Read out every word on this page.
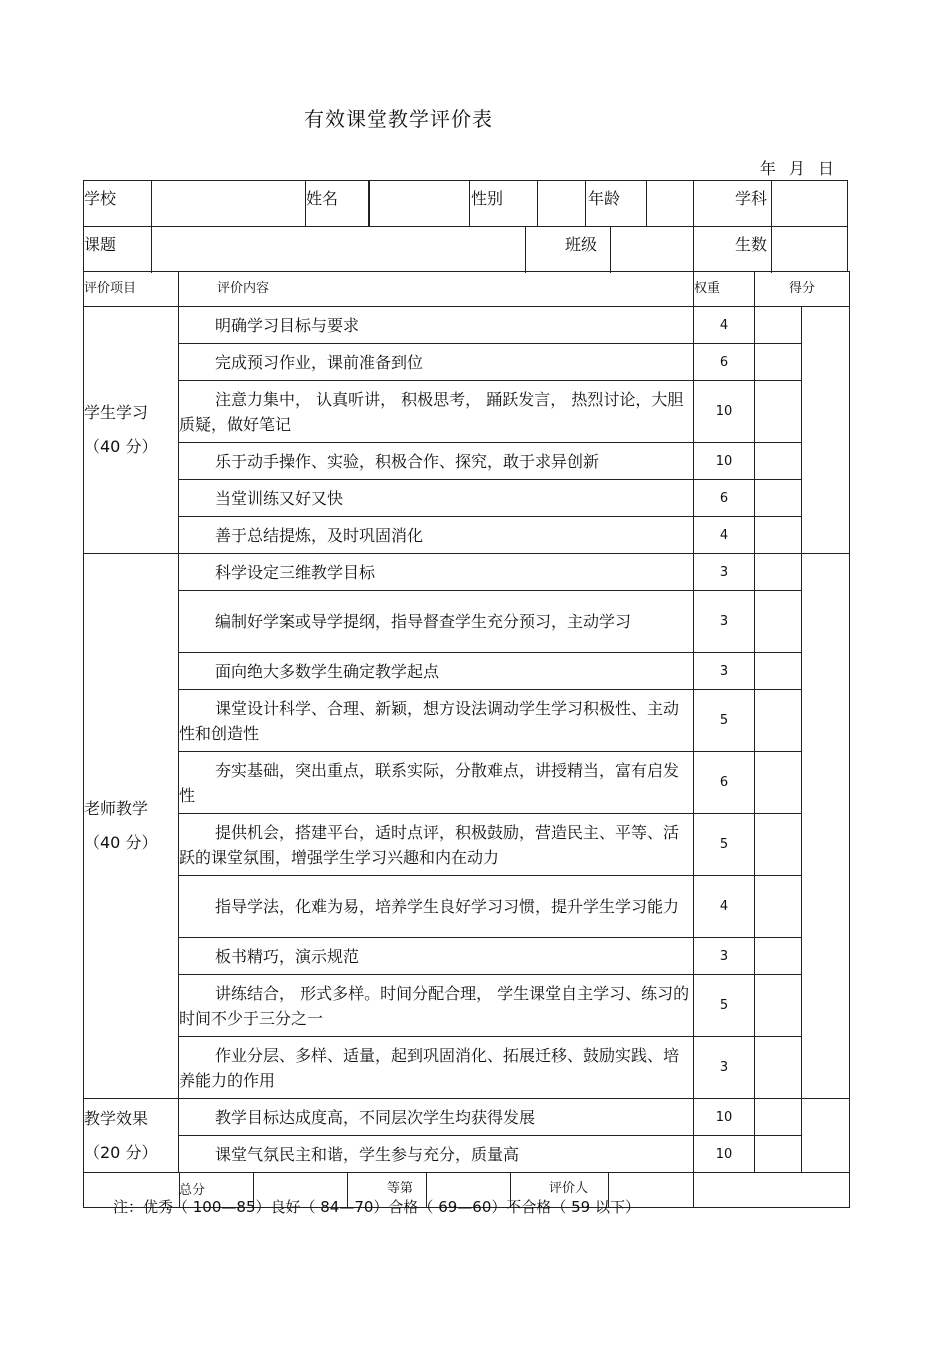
有效课堂教学评价表
年 月 日
学校	姓名	性别	年龄	学科
课题	班级	生数
评价项目	评价内容	权重	得分	

学生学习
（40 分）	明确学习目标与要求	4		
	完成预习作业，课前准备到位	6		
	注意力集中， 认真听讲， 积极思考， 踊跃发言， 热烈讨论，大胆质疑，做好笔记	10		
	乐于动手操作、实验，积极合作、探究，敢于求异创新	10		
	当堂训练又好又快	6		
	善于总结提炼，及时巩固消化	4		

老师教学
（40 分）	科学设定三维教学目标	3		
	编制好学案或导学提纲，指导督查学生充分预习，主动学习	3		
	面向绝大多数学生确定教学起点	3		
	课堂设计科学、合理、新颖，想方设法调动学生学习积极性、主动性和创造性	5		
	夯实基础，突出重点，联系实际，分散难点，讲授精当，富有启发性	6		
	提供机会，搭建平台，适时点评，积极鼓励，营造民主、平等、活跃的课堂氛围，增强学生学习兴趣和内在动力	5		
	指导学法，化难为易，培养学生良好学习习惯，提升学生学习能力	4		
	板书精巧，演示规范	3		
	讲练结合， 形式多样。时间分配合理， 学生课堂自主学习、练习的时间不少于三分之一	5		
	作业分层、多样、适量，起到巩固消化、拓展迁移、鼓励实践、培养能力的作用	3		

教学效果
（20 分）	教学目标达成度高，不同层次学生均获得发展	10		
	课堂气氛民主和谐，学生参与充分，质量高	10		

总分 等第 评价人				

注：优秀（ 100—85）良好（ 84—70）合格（ 69—60）不合格（ 59 以下）
